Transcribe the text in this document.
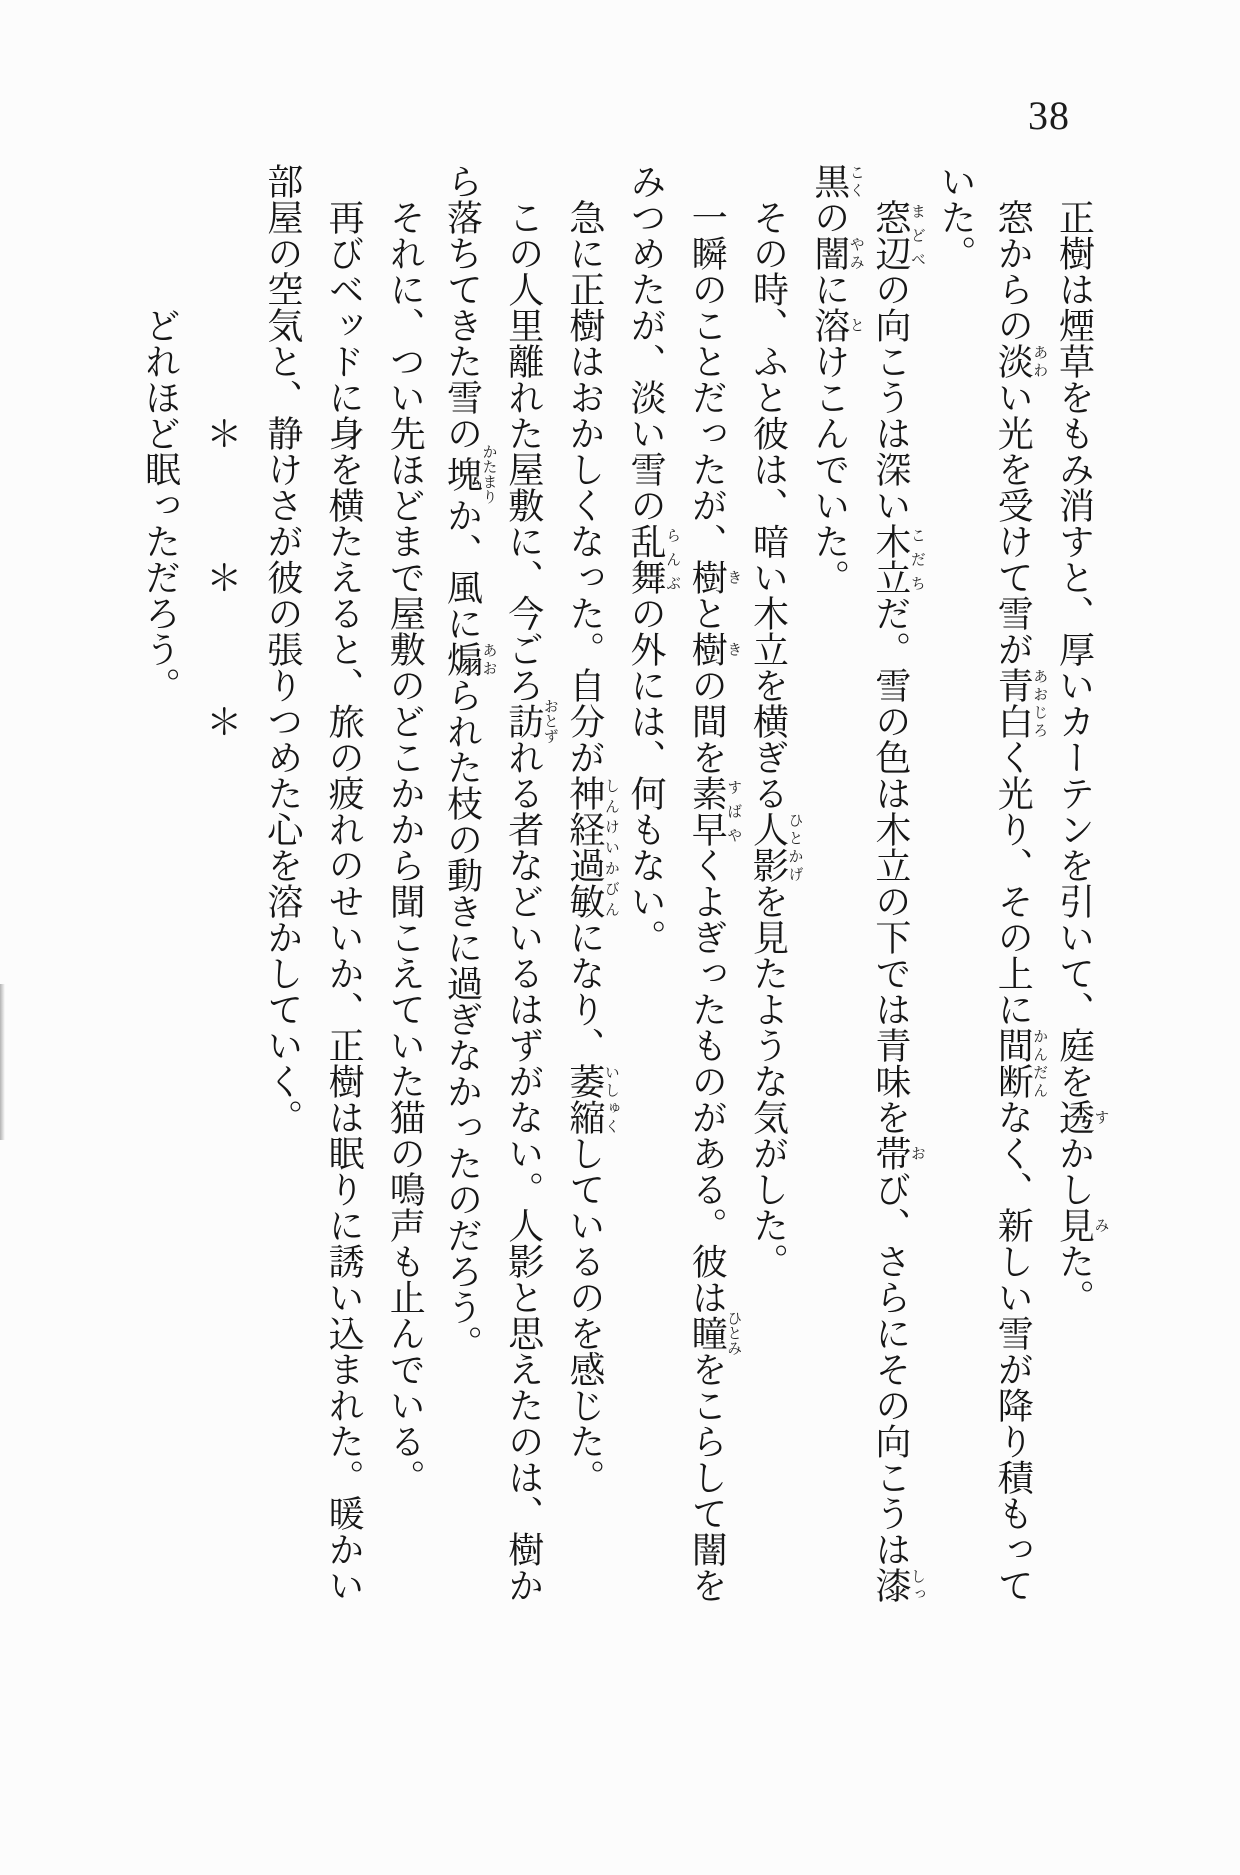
38
正樹は煙草をもみ消すと、厚いカーテンを引いて、庭を透すかし見みた。
窓からの淡あわい光を受けて雪が青白あおじろく光り、その上に間断かんだんなく、新しい雪が降り積もって
いた。
窓辺まどべの向こうは深い木立こだちだ。雪の色は木立の下では青味を帯おび、さらにその向こうは漆しっ
黒こくの闇やみに溶とけこんでいた。
その時、ふと彼は、暗い木立を横ぎる人影ひとかげを見たような気がした。
一瞬のことだったが、樹きと樹きの間を素早すばやくよぎったものがある。彼は瞳ひとみをこらして闇を
みつめたが、淡い雪の乱舞らんぶの外には、何もない。
急に正樹はおかしくなった。自分が神経過敏しんけいかびんになり、萎縮いしゅくしているのを感じた。
この人里離れた屋敷に、今ごろ訪おとずれる者などいるはずがない。人影と思えたのは、樹か
ら落ちてきた雪の塊かたまりか、風に煽あおられた枝の動きに過ぎなかったのだろう。
それに、つい先ほどまで屋敷のどこかから聞こえていた猫の鳴声も止んでいる。
再びベッドに身を横たえると、旅の疲れのせいか、正樹は眠りに誘い込まれた。暖かい
部屋の空気と、静けさが彼の張りつめた心を溶かしていく。
＊　　　＊　　　＊
どれほど眠っただろう。
